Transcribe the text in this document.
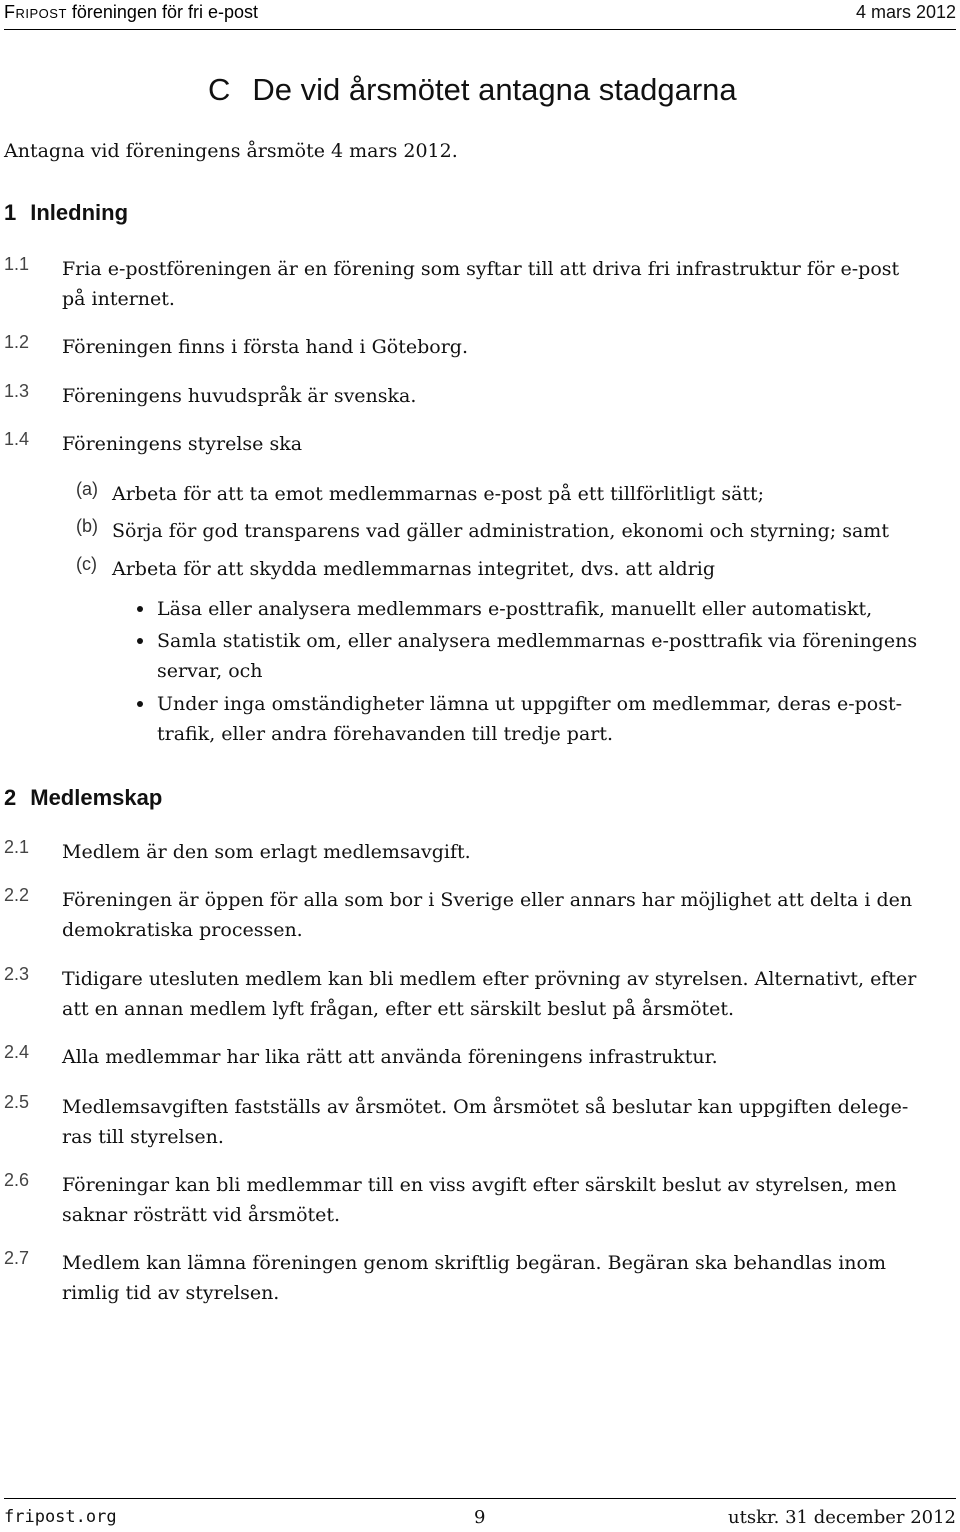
Fripost föreningen för fri e-post	4 mars 2012
C De vid årsmötet antagna stadgarna
Antagna vid föreningens årsmöte 4 mars 2012.
1 Inledning
1.1 Fria e-postföreningen är en förening som syftar till att driva fri infrastruktur för e-post
på internet.
1.2 Föreningen finns i första hand i Göteborg.
1.3 Föreningens huvudspråk är svenska.
1.4 Föreningens styrelse ska
(a) Arbeta för att ta emot medlemmarnas e-post på ett tillförlitligt sätt;
(b) Sörja för god transparens vad gäller administration, ekonomi och styrning; samt
(c) Arbeta för att skydda medlemmarnas integritet, dvs. att aldrig
Läsa eller analysera medlemmars e-posttrafik, manuellt eller automatiskt,
Samla statistik om, eller analysera medlemmarnas e-posttrafik via föreningens
servar, och
Under inga omständigheter lämna ut uppgifter om medlemmar, deras e-post-
trafik, eller andra förehavanden till tredje part.
2 Medlemskap
2.1 Medlem är den som erlagt medlemsavgift.
2.2 Föreningen är öppen för alla som bor i Sverige eller annars har möjlighet att delta i den
demokratiska processen.
2.3 Tidigare utesluten medlem kan bli medlem efter prövning av styrelsen. Alternativt, efter
att en annan medlem lyft frågan, efter ett särskilt beslut på årsmötet.
2.4 Alla medlemmar har lika rätt att använda föreningens infrastruktur.
2.5 Medlemsavgiften fastställs av årsmötet. Om årsmötet så beslutar kan uppgiften delege-
ras till styrelsen.
2.6 Föreningar kan bli medlemmar till en viss avgift efter särskilt beslut av styrelsen, men
saknar rösträtt vid årsmötet.
2.7 Medlem kan lämna föreningen genom skriftlig begäran. Begäran ska behandlas inom
rimlig tid av styrelsen.
fripost.org	9	utskr. 31 december 2012
